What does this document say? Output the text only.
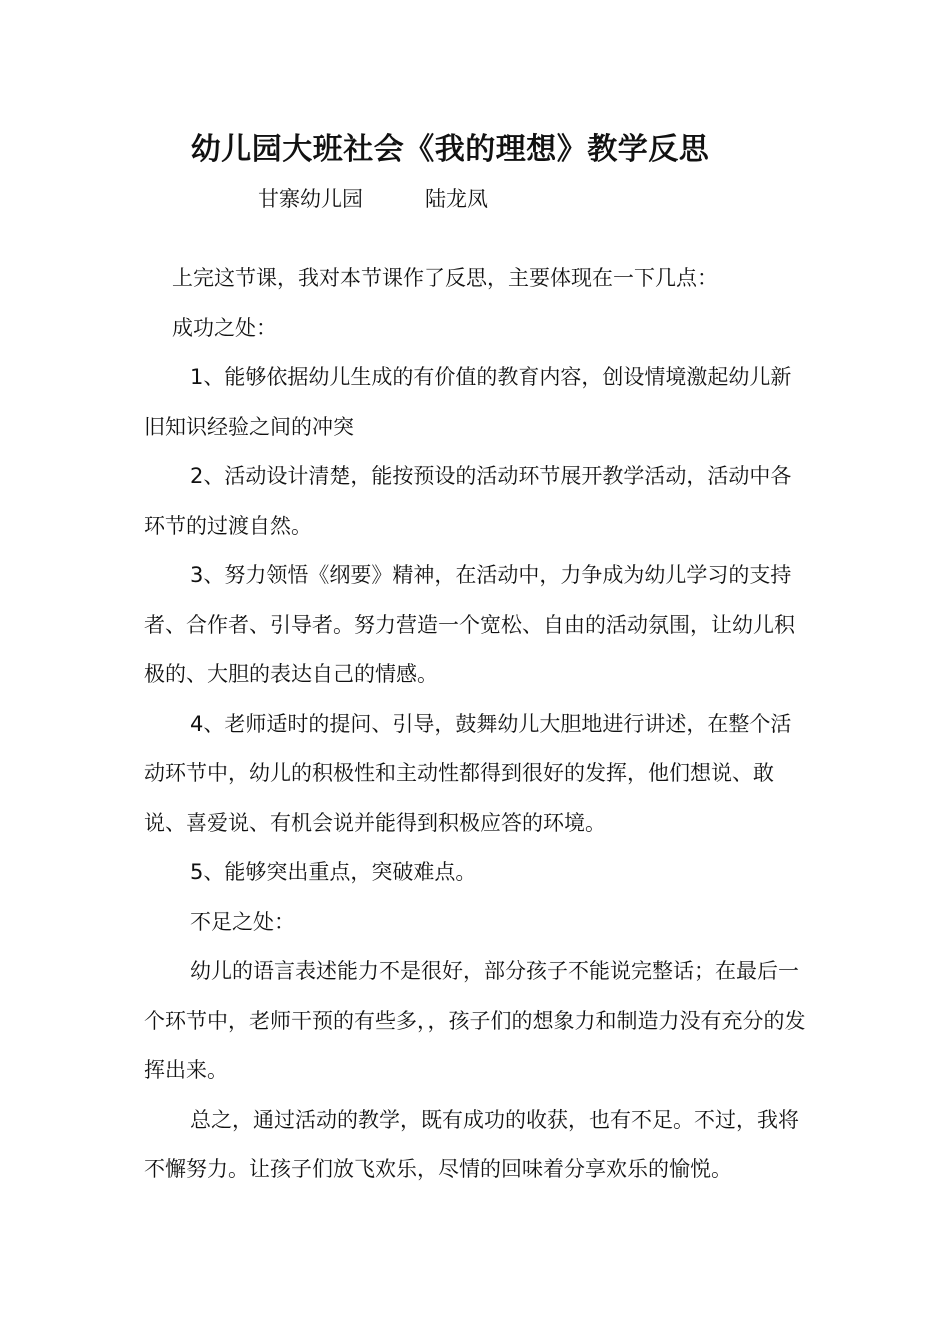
幼儿园大班社会《我的理想》教学反思
甘寨幼儿园	陆龙凤

上完这节课，我对本节课作了反思，主要体现在一下几点：

成功之处：

1、能够依据幼儿生成的有价值的教育内容，创设情境激起幼儿新旧知识经验之间的冲突

2、活动设计清楚，能按预设的活动环节展开教学活动，活动中各环节的过渡自然。

3、努力领悟《纲要》精神，在活动中，力争成为幼儿学习的支持者、合作者、引导者。努力营造一个宽松、自由的活动氛围，让幼儿积极的、大胆的表达自己的情感。

4、老师适时的提问、引导，鼓舞幼儿大胆地进行讲述，在整个活动环节中，幼儿的积极性和主动性都得到很好的发挥，他们想说、敢说、喜爱说、有机会说并能得到积极应答的环境。

5、能够突出重点，突破难点。

不足之处：

幼儿的语言表述能力不是很好，部分孩子不能说完整话；在最后一个环节中，老师干预的有些多，，孩子们的想象力和制造力没有充分的发挥出来。

总之，通过活动的教学，既有成功的收获，也有不足。不过，我将不懈努力。让孩子们放飞欢乐，尽情的回味着分享欢乐的愉悦。
